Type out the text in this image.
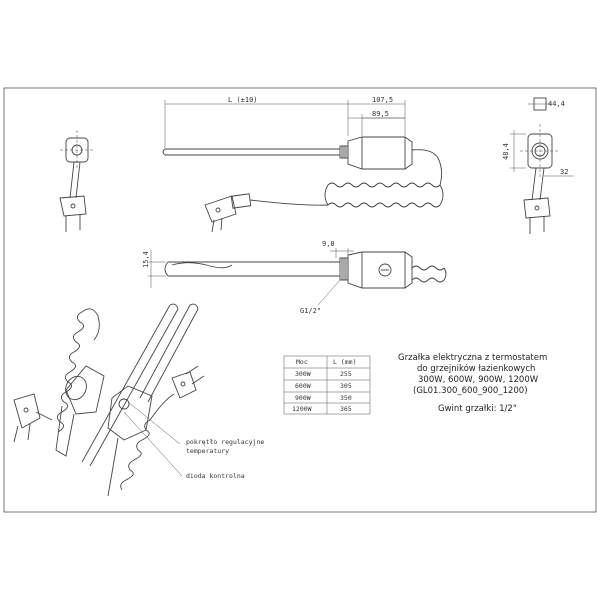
L (±10)	107,5
89,5
15,4
9,8
G1/2"
44,4
48,4
32
pokrętło regulacyjne
temperatury
dioda kontrolna
Moc	L (mm)
300W	255
600W	305
900W	350
1200W	365
Grzałka elektryczna z termostatem
do grzejników łazienkowych
300W, 600W, 900W, 1200W
(GL01.300_600_900_1200)
Gwint grzałki: 1/2"
